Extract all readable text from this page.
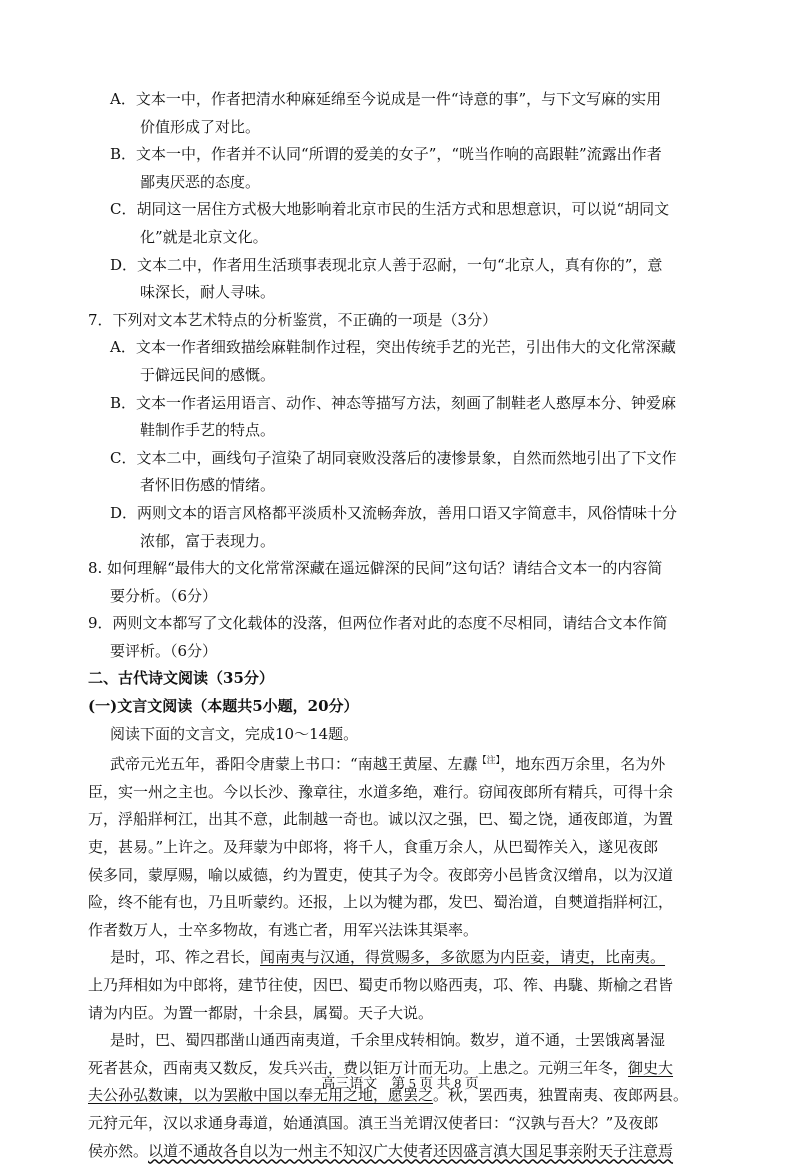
A．文本一中，作者把清水种麻延绵至今说成是一件“诗意的事”，与下文写麻的实用
价值形成了对比。
B．文本一中，作者并不认同“所谓的爱美的女子”，“咣当作响的高跟鞋”流露出作者
鄙夷厌恶的态度。
C．胡同这一居住方式极大地影响着北京市民的生活方式和思想意识，可以说“胡同文
化”就是北京文化。
D．文本二中，作者用生活琐事表现北京人善于忍耐，一句“北京人，真有你的”，意
味深长，耐人寻味。
7．下列对文本艺术特点的分析鉴赏，不正确的一项是（3分）
A．文本一作者细致描绘麻鞋制作过程，突出传统手艺的光芒，引出伟大的文化常深藏
于僻远民间的感慨。
B．文本一作者运用语言、动作、神态等描写方法，刻画了制鞋老人憨厚本分、钟爱麻
鞋制作手艺的特点。
C．文本二中，画线句子渲染了胡同衰败没落后的凄惨景象，自然而然地引出了下文作
者怀旧伤感的情绪。
D．两则文本的语言风格都平淡质朴又流畅奔放，善用口语又字简意丰，风俗情味十分
浓郁，富于表现力。
8. 如何理解“最伟大的文化常常深藏在遥远僻深的民间”这句话？请结合文本一的内容简
要分析。（6分）
9．两则文本都写了文化载体的没落，但两位作者对此的态度不尽相同，请结合文本作简
要评析。（6分）
二、古代诗文阅读（35分）
(一)文言文阅读（本题共5小题，20分）
阅读下面的文言文，完成10～14题。
武帝元光五年，番阳令唐蒙上书口：“南越王黄屋、左纛$^{【注】}$，地东西万余里，名为外
臣，实一州之主也。今以长沙、豫章往，水道多绝，难行。窃闻夜郎所有精兵，可得十余
万，浮船牂柯江，出其不意，此制越一奇也。诚以汉之强，巴、蜀之饶，通夜郎道，为置
吏，甚易。”上许之。及拜蒙为中郎将，将千人，食重万余人，从巴蜀筰关入，遂见夜郎
侯多同，蒙厚赐，喻以威德，约为置吏，使其子为令。夜郎旁小邑皆贪汉缯帛，以为汉道
险，终不能有也，乃且听蒙约。还报，上以为犍为郡，发巴、蜀治道，自僰道指牂柯江，
作者数万人，士卒多物故，有逃亡者，用军兴法诛其渠率。
是时，邛、筰之君长，闻南夷与汉通，得赏赐多，多欲愿为内臣妾，请吏，比南夷。
上乃拜相如为中郎将，建节往使，因巴、蜀吏币物以赂西夷，邛、筰、冉駹、斯榆之君皆
请为内臣。为置一都尉，十余县，属蜀。天子大说。
是时，巴、蜀四郡凿山通西南夷道，千余里戍转相饷。数岁，道不通，士罢饿离暑湿
死者甚众，西南夷又数反，发兵兴击，费以钜万计而无功。上患之。元朔三年冬，御史大
夫公孙弘数谏，以为罢敝中国以奉无用之地，愿罢之。秋，罢西夷，独置南夷、夜郎两县。
元狩元年，汉以求通身毒道，始通滇国。滇王当羌谓汉使者曰：“汉孰与吾大？”及夜郎
侯亦然。以道不通故各自以为一州主不知汉广大使者还因盛言滇大国足事亲附天子注意焉
高三语文　第 5 页 共 8 页
